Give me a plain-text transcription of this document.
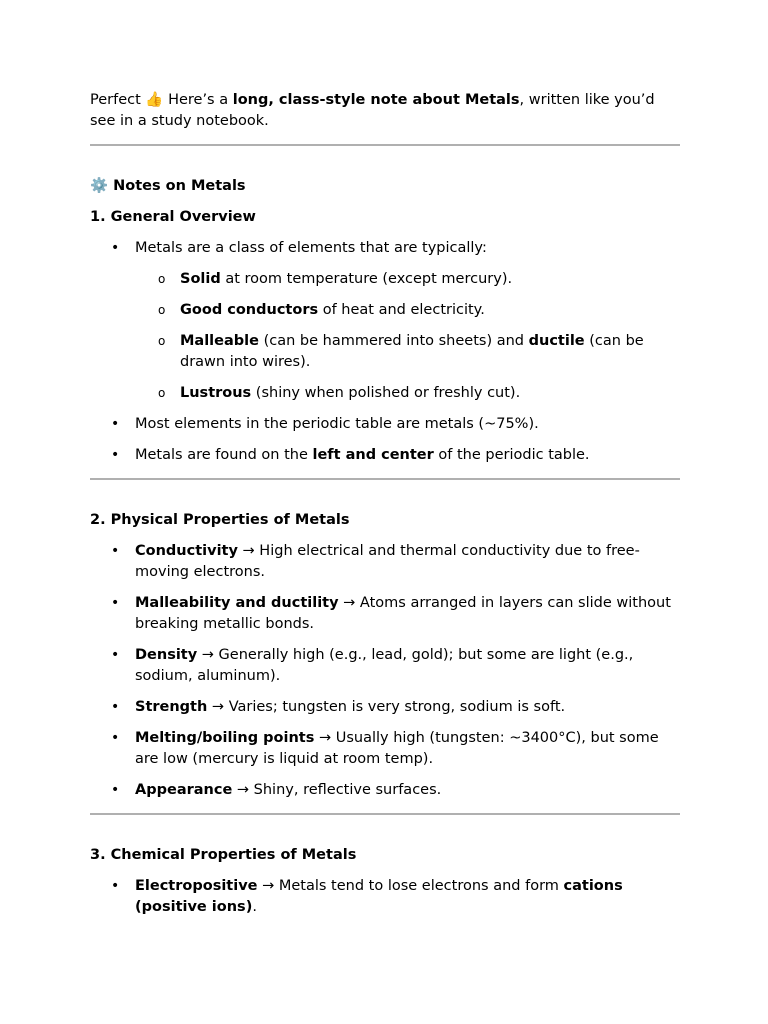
Perfect 👍 Here’s a long, class-style note about Metals, written like you’d see in a study notebook.

⚙️ Notes on Metals

1. General Overview

• Metals are a class of elements that are typically:
o Solid at room temperature (except mercury).
o Good conductors of heat and electricity.
o Malleable (can be hammered into sheets) and ductile (can be drawn into wires).
o Lustrous (shiny when polished or freshly cut).
• Most elements in the periodic table are metals (~75%).
• Metals are found on the left and center of the periodic table.

2. Physical Properties of Metals

• Conductivity → High electrical and thermal conductivity due to free-moving electrons.
• Malleability and ductility → Atoms arranged in layers can slide without breaking metallic bonds.
• Density → Generally high (e.g., lead, gold); but some are light (e.g., sodium, aluminum).
• Strength → Varies; tungsten is very strong, sodium is soft.
• Melting/boiling points → Usually high (tungsten: ~3400°C), but some are low (mercury is liquid at room temp).
• Appearance → Shiny, reflective surfaces.

3. Chemical Properties of Metals

• Electropositive → Metals tend to lose electrons and form cations (positive ions).
